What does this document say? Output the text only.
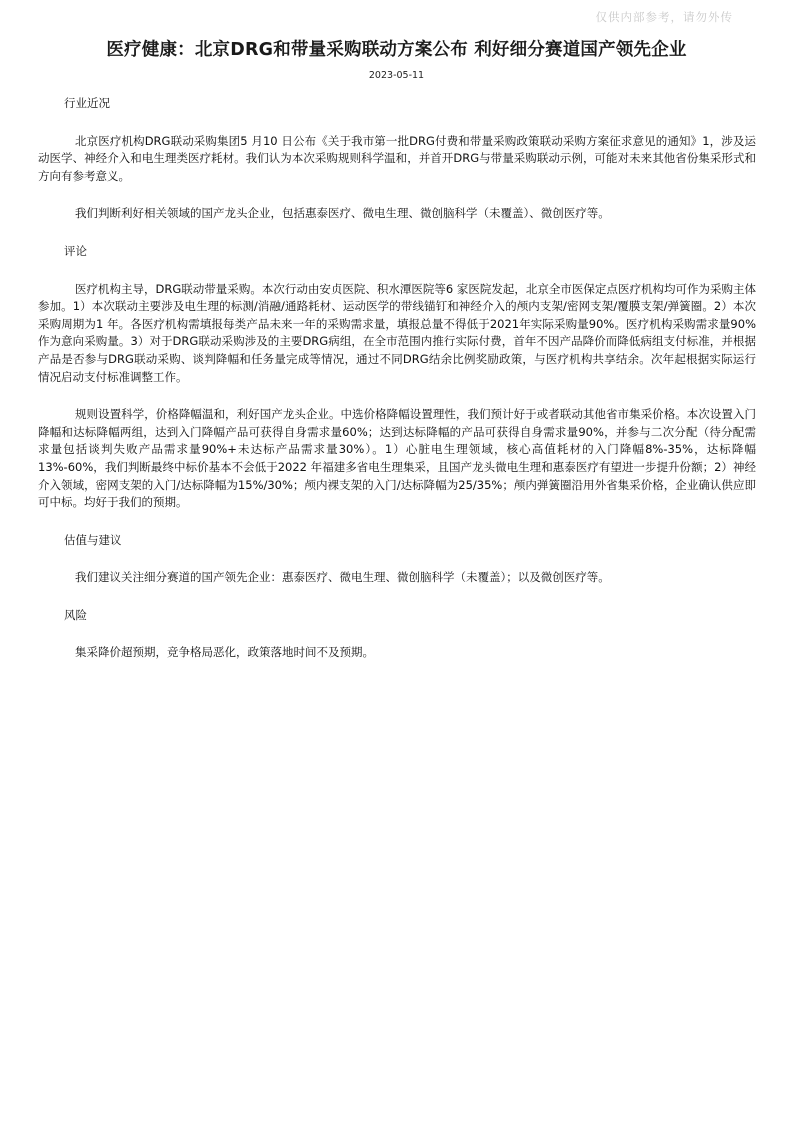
仅供内部参考，请勿外传
医疗健康：北京DRG和带量采购联动方案公布 利好细分赛道国产领先企业
2023-05-11

行业近况

北京医疗机构DRG联动采购集团5 月10 日公布《关于我市第一批DRG付费和带量采购政策联动采购方案征求意见的通知》1，涉及运动医学、神经介入和电生理类医疗耗材。我们认为本次采购规则科学温和，并首开DRG与带量采购联动示例，可能对未来其他省份集采形式和方向有参考意义。

我们判断利好相关领域的国产龙头企业，包括惠泰医疗、微电生理、微创脑科学（未覆盖）、微创医疗等。

评论

医疗机构主导，DRG联动带量采购。本次行动由安贞医院、积水潭医院等6 家医院发起，北京全市医保定点医疗机构均可作为采购主体参加。1）本次联动主要涉及电生理的标测/消融/通路耗材、运动医学的带线锚钉和神经介入的颅内支架/密网支架/覆膜支架/弹簧圈。2）本次采购周期为1 年。各医疗机构需填报每类产品未来一年的采购需求量，填报总量不得低于2021年实际采购量90%。医疗机构采购需求量90%作为意向采购量。3）对于DRG联动采购涉及的主要DRG病组，在全市范围内推行实际付费，首年不因产品降价而降低病组支付标准，并根据产品是否参与DRG联动采购、谈判降幅和任务量完成等情况，通过不同DRG结余比例奖励政策，与医疗机构共享结余。次年起根据实际运行情况启动支付标准调整工作。

规则设置科学，价格降幅温和，利好国产龙头企业。中选价格降幅设置理性，我们预计好于或者联动其他省市集采价格。本次设置入门降幅和达标降幅两组，达到入门降幅产品可获得自身需求量60%；达到达标降幅的产品可获得自身需求量90%，并参与二次分配（待分配需求量包括谈判失败产品需求量90%+未达标产品需求量30%）。1）心脏电生理领域，核心高值耗材的入门降幅8%-35%，达标降幅13%-60%，我们判断最终中标价基本不会低于2022 年福建多省电生理集采，且国产龙头微电生理和惠泰医疗有望进一步提升份额；2）神经介入领域，密网支架的入门/达标降幅为15%/30%；颅内裸支架的入门/达标降幅为25/35%；颅内弹簧圈沿用外省集采价格，企业确认供应即可中标。均好于我们的预期。

估值与建议

我们建议关注细分赛道的国产领先企业：惠泰医疗、微电生理、微创脑科学（未覆盖）；以及微创医疗等。

风险

集采降价超预期，竞争格局恶化，政策落地时间不及预期。
